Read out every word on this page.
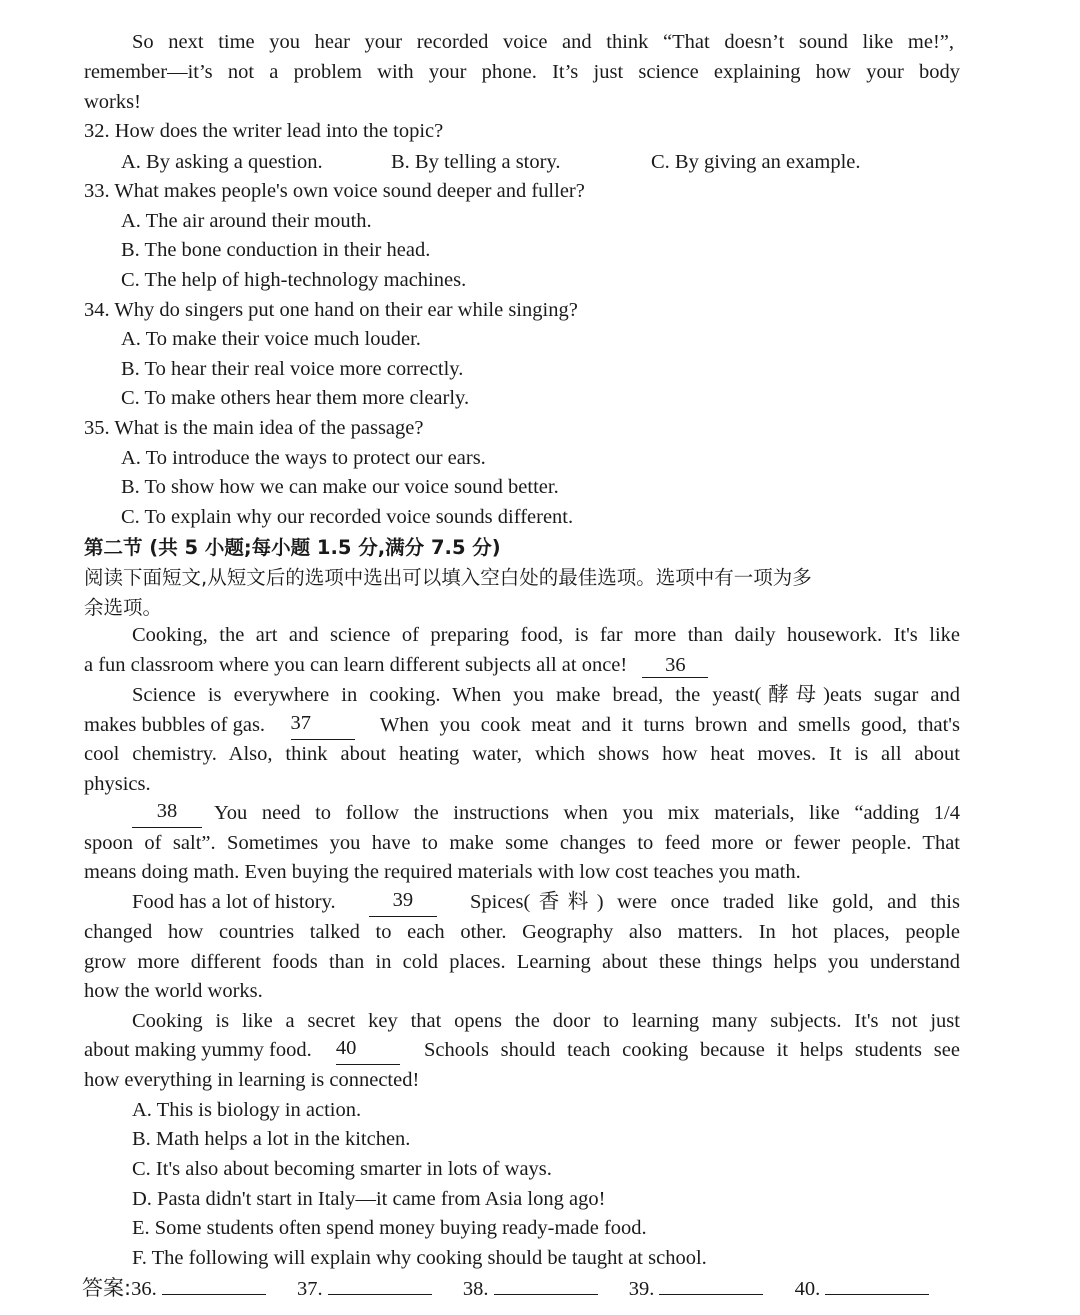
So next time you hear your recorded voice and think “That doesn’t sound like me!”,
remember—it’s not a problem with your phone. It’s just science explaining how your body
works!
32. How does the writer lead into the topic?
A. By asking a question.	B. By telling a story.	C. By giving an example.
33. What makes people's own voice sound deeper and fuller?
A. The air around their mouth.
B. The bone conduction in their head.
C. The help of high-technology machines.
34. Why do singers put one hand on their ear while singing?
A. To make their voice much louder.
B. To hear their real voice more correctly.
C. To make others hear them more clearly.
35. What is the main idea of the passage?
A. To introduce the ways to protect our ears.
B. To show how we can make our voice sound better.
C. To explain why our recorded voice sounds different.
第二节 (共 5 小题;每小题 1.5 分,满分 7.5 分)
阅读下面短文,从短文后的选项中选出可以填入空白处的最佳选项。选项中有一项为多
余选项。
Cooking, the art and science of preparing food, is far more than daily housework. It's like
a fun classroom where you can learn different subjects all at once! 36
Science is everywhere in cooking. When you make bread, the yeast(酵母)eats sugar and
makes bubbles of gas. 37	When you cook meat and it turns brown and smells good, that's
cool chemistry. Also, think about heating water, which shows how heat moves. It is all about
physics.
38	You need to follow the instructions when you mix materials, like “adding 1/4
spoon of salt”. Sometimes you have to make some changes to feed more or fewer people. That
means doing math. Even buying the required materials with low cost teaches you math.
Food has a lot of history.	39	Spices(香料) were once traded like gold, and this
changed how countries talked to each other. Geography also matters. In hot places, people
grow more different foods than in cold places. Learning about these things helps you understand
how the world works.
Cooking is like a secret key that opens the door to learning many subjects. It's not just
about making yummy food. 40	Schools should teach cooking because it helps students see
how everything in learning is connected!
A. This is biology in action.
B. Math helps a lot in the kitchen.
C. It's also about becoming smarter in lots of ways.
D. Pasta didn't start in Italy—it came from Asia long ago!
E. Some students often spend money buying ready-made food.
F. The following will explain why cooking should be taught at school.
答案:36.	37.	38.	39.	40.
